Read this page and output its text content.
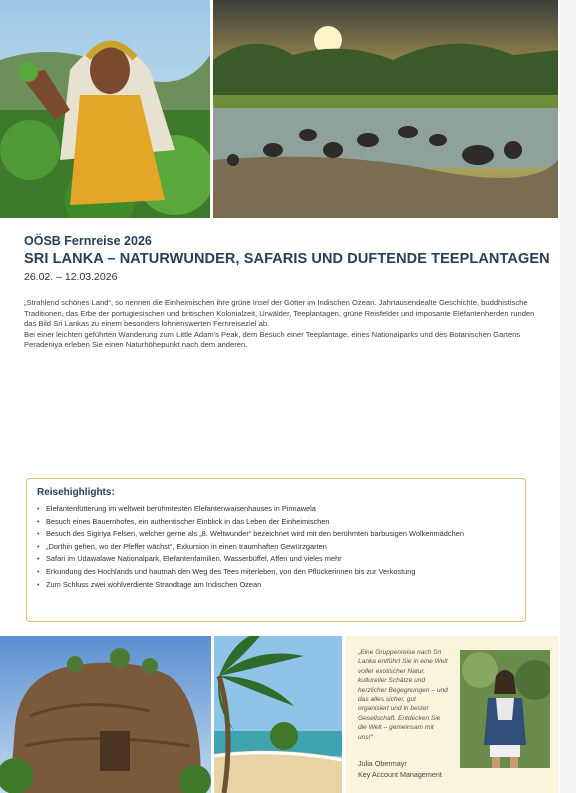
OÖSB Fernreise 2026

SRI LANKA – NATURWUNDER, SAFARIS UND DUFTENDE TEEPLANTAGEN

26.02. – 12.03.2026

„Strahlend schönes Land“, so nennen die Einheimischen ihre grüne Insel der Götter im Indischen Ozean. Jahrtausendealte Geschichte, buddhistische Traditionen, das Erbe der portugiesischen und britischen Kolonialzeit, Urwälder, Teeplantagen, grüne Reisfelder und imposante Elefantenherden runden das Bild Sri Lankas zu einem besonders lohnenswerten Fernreiseziel ab.

Bei einer leichten geführten Wanderung zum Little Adam's Peak, dem Besuch einer Teeplantage, eines Nationalparks und des Botanischen Gartens Peradeniya erleben Sie einen Naturhöhepunkt nach dem anderen.

Reisehighlights:

• Elefantenfütterung im weltweit berühmtesten Elefantenwaisenhauses in Pinnawela
• Besuch eines Bauernhofes, ein authentischer Einblick in das Leben der Einheimischen
• Besuch des Sigiriya Felsen, welcher gerne als „8. Weltwunder“ bezeichnet wird mit den berühmten barbusigen Wolkenmädchen
• „Dorthin gehen, wo der Pfeffer wächst“, Exkursion in einen traumhaften Gewürzgarten
• Safari im Udawalawe Nationalpark, Elefantenfamilien, Wasserbüffel, Affen und vieles mehr
• Erkundung des Hochlands und hautnah den Weg des Tees miterleben, von den Pflückerinnen bis zur Verkostung
• Zum Schluss zwei wohlverdiente Strandtage am Indischen Ozean

„Eine Gruppenreise nach Sri Lanka entführt Sie in eine Welt voller exotischer Natur, kultureller Schätze und herzlicher Begegnungen – und das alles sicher, gut organisiert und in bester Gesellschaft. Entdecken Sie die Welt – gemeinsam mit uns!“

Julia Obermayr

Key Account Management
